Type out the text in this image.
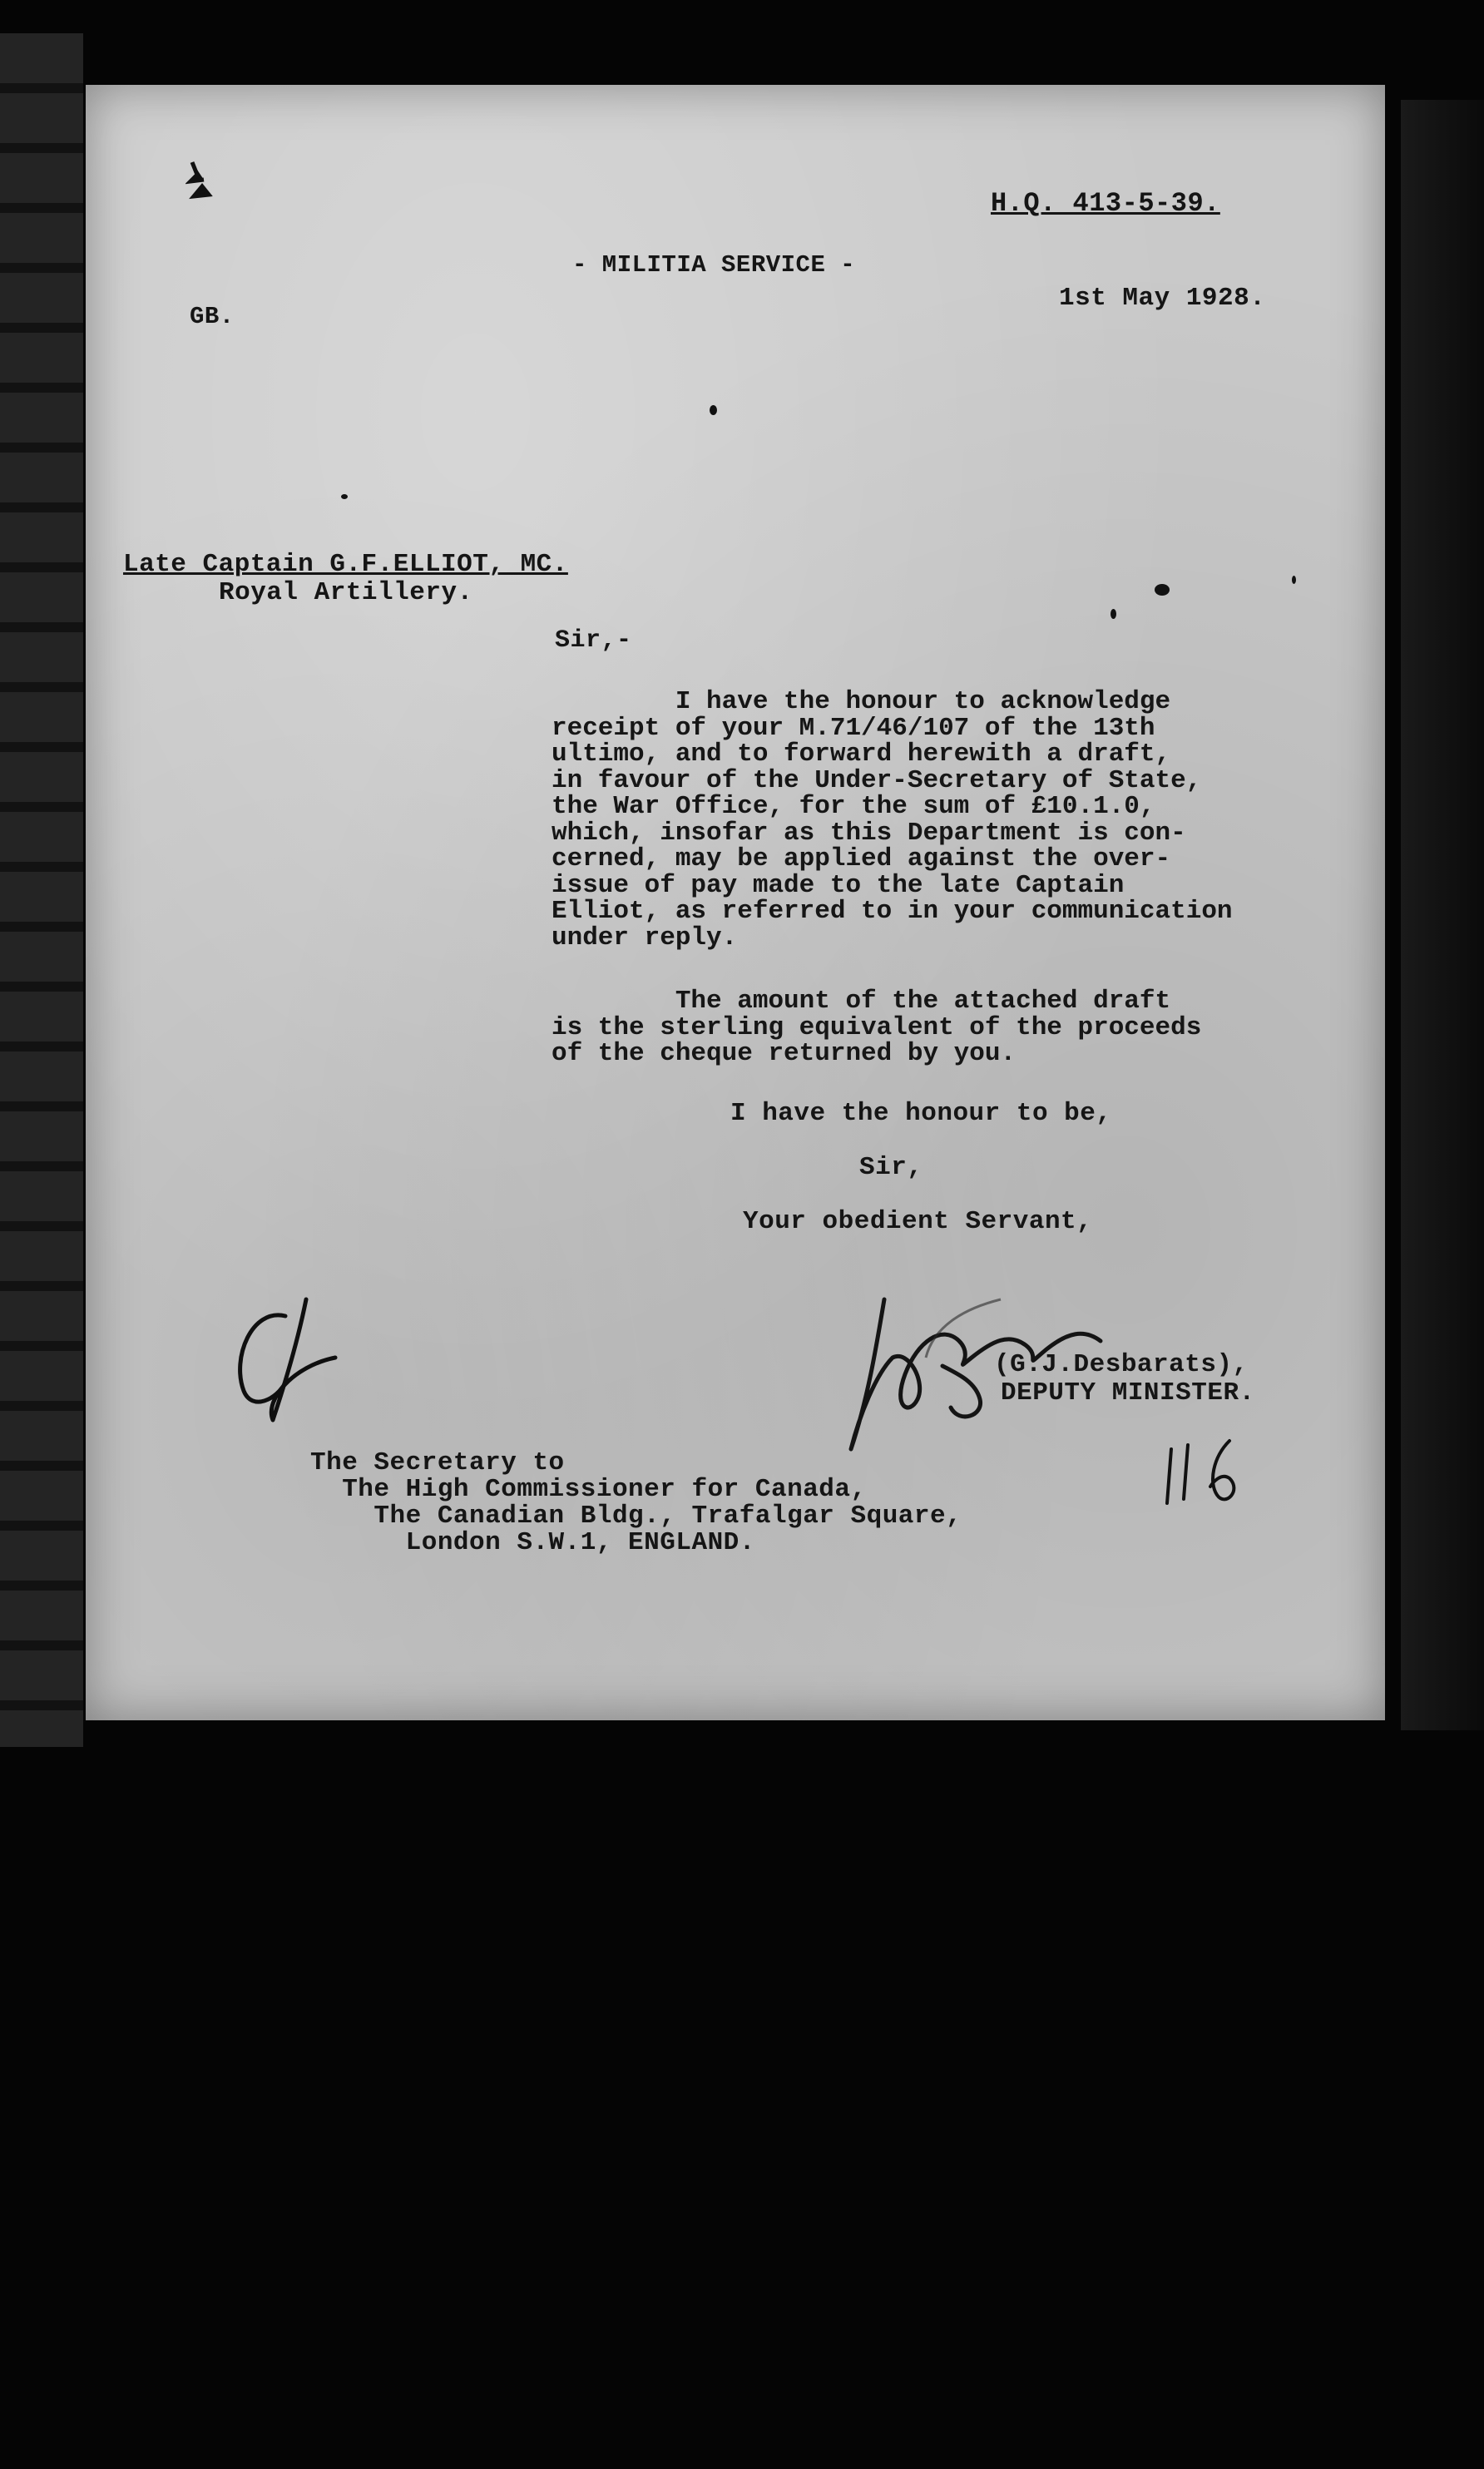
H.Q. 413-5-39.

- MILITIA SERVICE -

1st May 1928.

GB.

Late Captain G.F.ELLIOT, MC.

Royal Artillery.

Sir,-

I have the honour to acknowledge
receipt of your M.71/46/107 of the 13th
ultimo, and to forward herewith a draft,
in favour of the Under-Secretary of State,
the War Office, for the sum of £10.1.0,
which, insofar as this Department is con-
cerned, may be applied against the over-
issue of pay made to the late Captain
Elliot, as referred to in your communication
under reply.
The amount of the attached draft
is the sterling equivalent of the proceeds
of the cheque returned by you.

I have the honour to be,

Sir,

Your obedient Servant,

(G.J.Desbarats),

DEPUTY MINISTER.

The Secretary to

The High Commissioner for Canada,

The Canadian Bldg., Trafalgar Square,

London S.W.1, ENGLAND.
